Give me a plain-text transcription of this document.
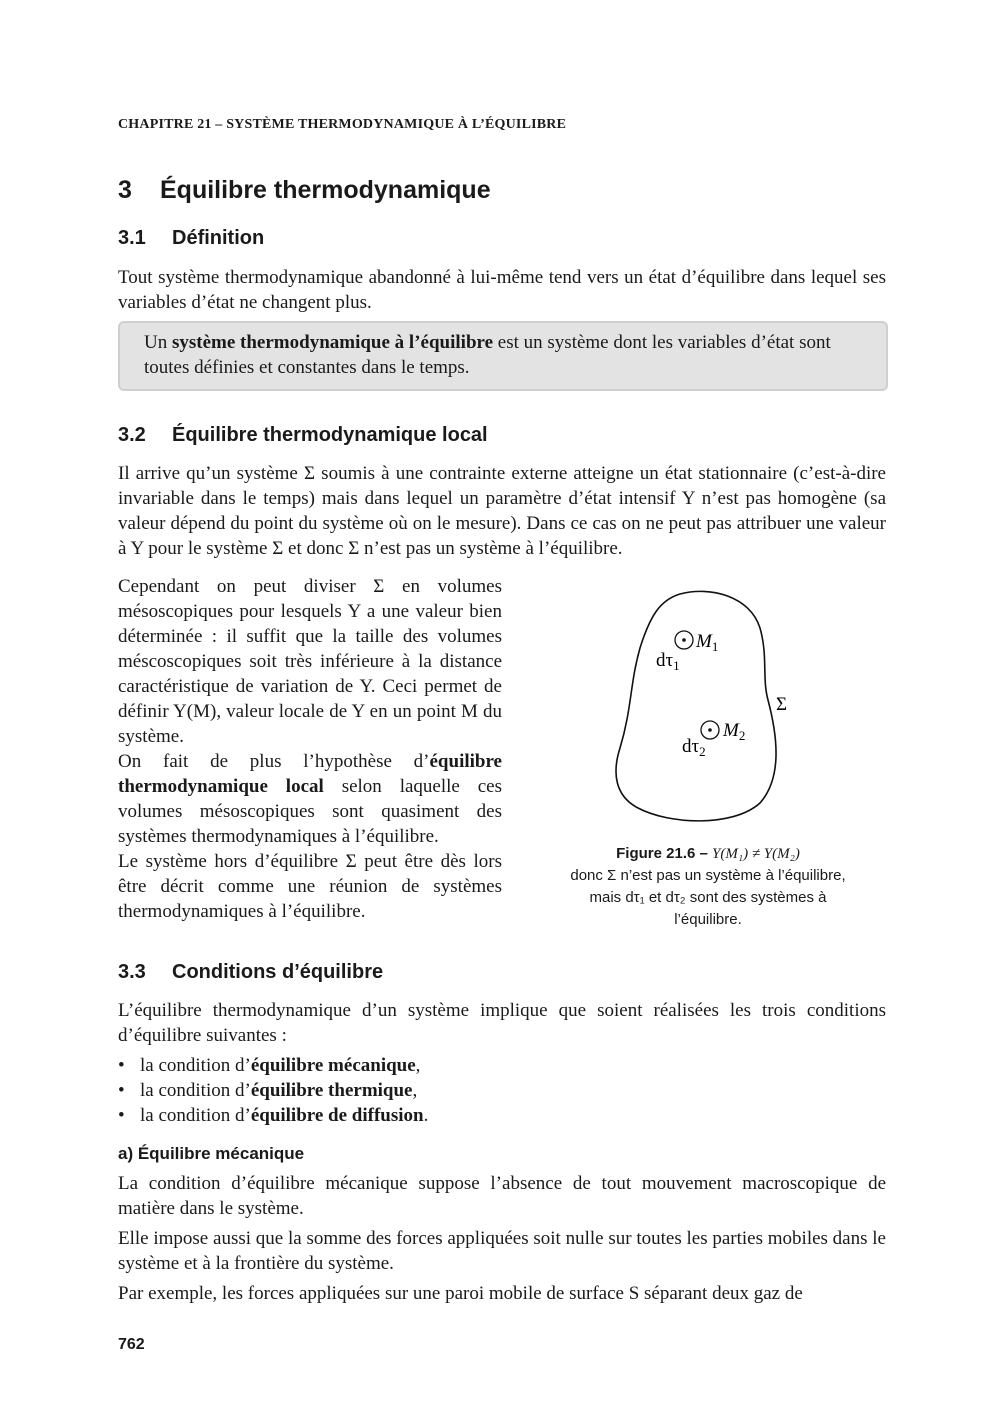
CHAPITRE 21 – SYSTÈME THERMODYNAMIQUE À L’ÉQUILIBRE
3 Équilibre thermodynamique
3.1 Définition

Tout système thermodynamique abandonné à lui-même tend vers un état d’équilibre dans lequel ses variables d’état ne changent plus.

Un système thermodynamique à l’équilibre est un système dont les variables d’état sont toutes définies et constantes dans le temps.
3.2 Équilibre thermodynamique local

Il arrive qu’un système Σ soumis à une contrainte externe atteigne un état stationnaire (c’est-à-dire invariable dans le temps) mais dans lequel un paramètre d’état intensif Y n’est pas homogène (sa valeur dépend du point du système où on le mesure). Dans ce cas on ne peut pas attribuer une valeur à Y pour le système Σ et donc Σ n’est pas un système à l’équilibre.

Cependant on peut diviser Σ en volumes mésoscopiques pour lesquels Y a une valeur bien déterminée : il suffit que la taille des volumes méscoscopiques soit très inférieure à la distance caractéristique de variation de Y. Ceci permet de définir Y(M), valeur locale de Y en un point M du système.

On fait de plus l’hypothèse d’équilibre thermodynamique local selon laquelle ces volumes mésoscopiques sont quasiment des systèmes thermodynamiques à l’équilibre.

Le système hors d’équilibre Σ peut être dès lors être décrit comme une réunion de systèmes thermodynamiques à l’équilibre.

$M_1$
$d\tau_1$
Σ
$M_2$
$d\tau_2$
Figure 21.6 – Y(M₁) ≠ Y(M₂)
donc Σ n’est pas un système à l’équilibre, mais dτ₁ et dτ₂ sont des systèmes à l’équilibre.
3.3 Conditions d’équilibre

L’équilibre thermodynamique d’un système implique que soient réalisées les trois conditions d’équilibre suivantes :

• la condition d’équilibre mécanique,
• la condition d’équilibre thermique,
• la condition d’équilibre de diffusion.
a) Équilibre mécanique

La condition d’équilibre mécanique suppose l’absence de tout mouvement macroscopique de matière dans le système.

Elle impose aussi que la somme des forces appliquées soit nulle sur toutes les parties mobiles dans le système et à la frontière du système.

Par exemple, les forces appliquées sur une paroi mobile de surface S séparant deux gaz de

762
